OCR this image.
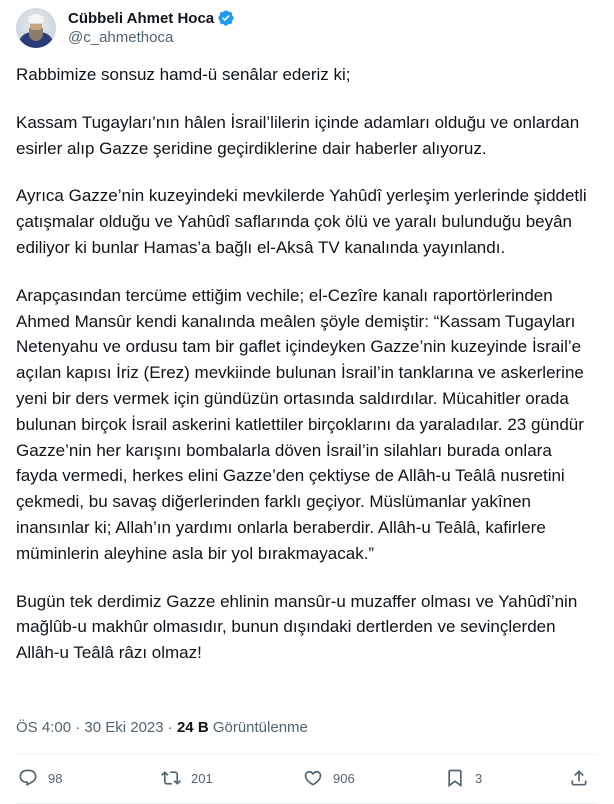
Cübbeli Ahmet Hoca
@c_ahmethoca

Rabbimize sonsuz hamd-ü senâlar ederiz ki;

Kassam Tugayları’nın hâlen İsrail’lilerin içinde adamları olduğu ve onlardan esirler alıp Gazze şeridine geçirdiklerine dair haberler alıyoruz.

Ayrıca Gazze’nin kuzeyindeki mevkilerde Yahûdî yerleşim yerlerinde şiddetli çatışmalar olduğu ve Yahûdî saflarında çok ölü ve yaralı bulunduğu beyân ediliyor ki bunlar Hamas’a bağlı el-Aksâ TV kanalında yayınlandı.

Arapçasından tercüme ettiğim vechile; el-Cezîre kanalı raportörlerinden Ahmed Mansûr kendi kanalında meâlen şöyle demiştir: “Kassam Tugayları Netenyahu ve ordusu tam bir gaflet içindeyken Gazze’nin kuzeyinde İsrail’e açılan kapısı İriz (Erez) mevkiinde bulunan İsrail’in tanklarına ve askerlerine yeni bir ders vermek için gündüzün ortasında saldırdılar. Mücahitler orada bulunan birçok İsrail askerini katlettiler birçoklarını da yaraladılar. 23 gündür Gazze’nin her karışını bombalarla döven İsrail’in silahları burada onlara fayda vermedi, herkes elini Gazze’den çektiyse de Allâh-u Teâlâ nusretini çekmedi, bu savaş diğerlerinden farklı geçiyor. Müslümanlar yakînen inansınlar ki; Allah’ın yardımı onlarla beraberdir. Allâh-u Teâlâ, kafirlere müminlerin aleyhine asla bir yol bırakmayacak.”

Bugün tek derdimiz Gazze ehlinin mansûr-u muzaffer olması ve Yahûdî’nin mağlûb-u makhûr olmasıdır, bunun dışındaki dertlerden ve sevinçlerden Allâh-u Teâlâ râzı olmaz!

ÖS 4:00 · 30 Eki 2023 · 24 B Görüntülenme
98	201	906	3
